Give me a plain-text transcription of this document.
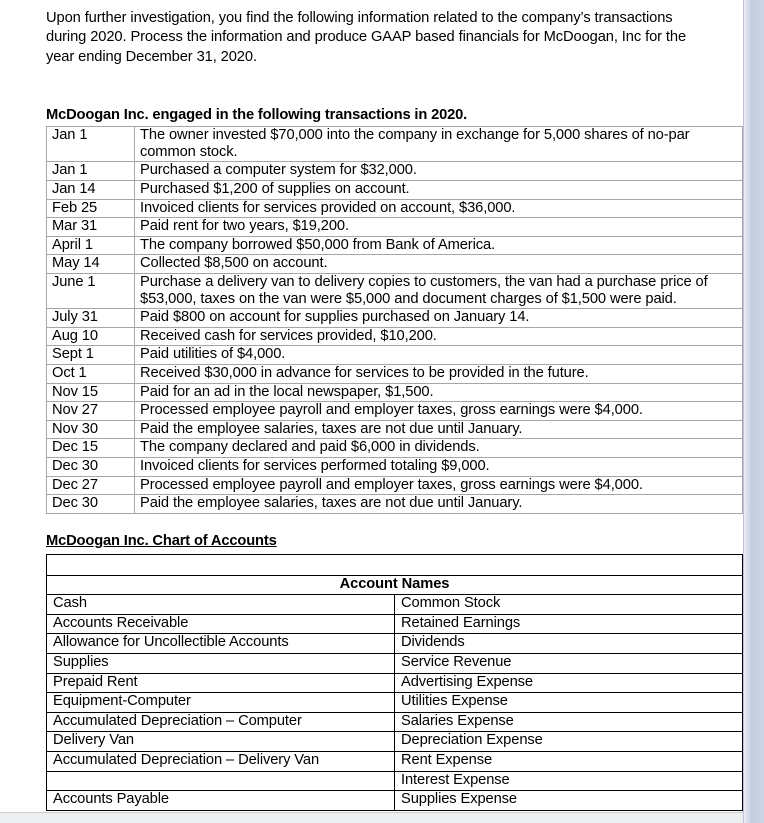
Upon further investigation, you find the following information related to the company’s transactions during 2020. Process the information and produce GAAP based financials for McDoogan, Inc for the year ending December 31, 2020.

McDoogan Inc. engaged in the following transactions in 2020.
Jan 1	The owner invested $70,000 into the company in exchange for 5,000 shares of no-par common stock.
Jan 1	Purchased a computer system for $32,000.
Jan 14	Purchased $1,200 of supplies on account.
Feb 25	Invoiced clients for services provided on account, $36,000.
Mar 31	Paid rent for two years, $19,200.
April 1	The company borrowed $50,000 from Bank of America.
May 14	Collected $8,500 on account.
June 1	Purchase a delivery van to delivery copies to customers, the van had a purchase price of $53,000, taxes on the van were $5,000 and document charges of $1,500 were paid.
July 31	Paid $800 on account for supplies purchased on January 14.
Aug 10	Received cash for services provided, $10,200.
Sept 1	Paid utilities of $4,000.
Oct 1	Received $30,000 in advance for services to be provided in the future.
Nov 15	Paid for an ad in the local newspaper, $1,500.
Nov 27	Processed employee payroll and employer taxes, gross earnings were $4,000.
Nov 30	Paid the employee salaries, taxes are not due until January.
Dec 15	The company declared and paid $6,000 in dividends.
Dec 30	Invoiced clients for services performed totaling $9,000.
Dec 27	Processed employee payroll and employer taxes, gross earnings were $4,000.
Dec 30	Paid the employee salaries, taxes are not due until January.
McDoogan Inc. Chart of Accounts

Account Names	
Cash	Common Stock
Accounts Receivable	Retained Earnings
Allowance for Uncollectible Accounts	Dividends
Supplies	Service Revenue
Prepaid Rent	Advertising Expense
Equipment-Computer	Utilities Expense
Accumulated Depreciation – Computer	Salaries Expense
Delivery Van	Depreciation Expense
Accumulated Depreciation – Delivery Van	Rent Expense
	Interest Expense
Accounts Payable	Supplies Expense
